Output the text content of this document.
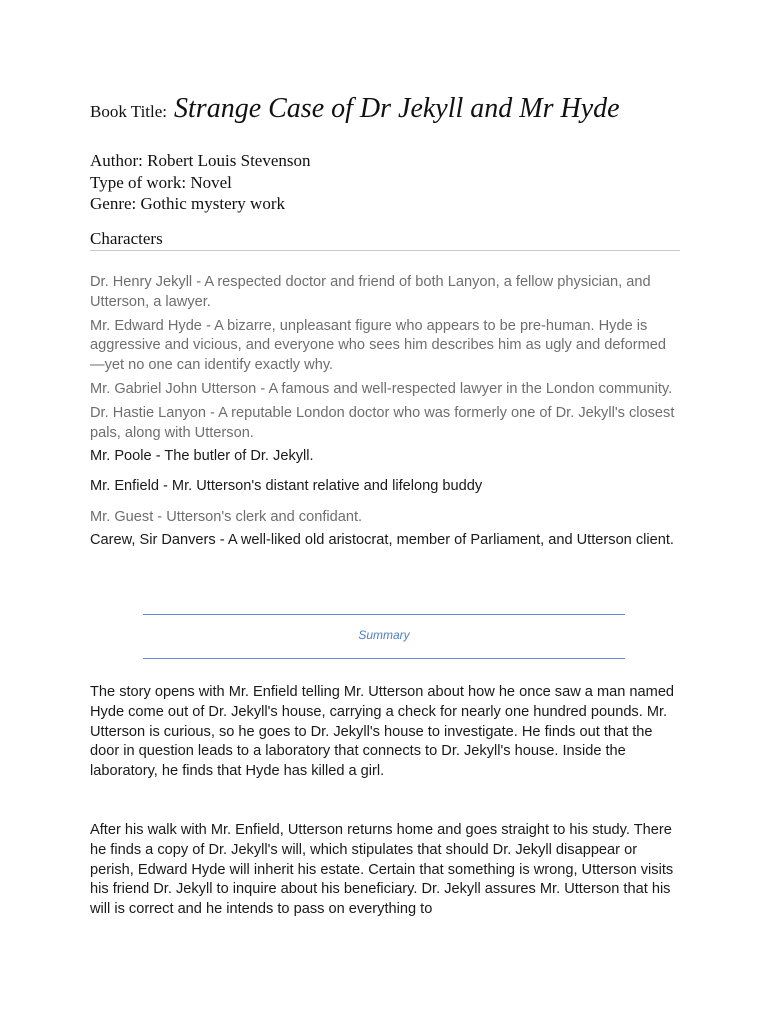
Book Title: Strange Case of Dr Jekyll and Mr Hyde
Author: Robert Louis Stevenson
Type of work: Novel
Genre: Gothic mystery work
Characters

Dr. Henry Jekyll - A respected doctor and friend of both Lanyon, a fellow physician, and Utterson, a lawyer.

Mr. Edward Hyde - A bizarre, unpleasant figure who appears to be pre-human. Hyde is aggressive and vicious, and everyone who sees him describes him as ugly and deformed—yet no one can identify exactly why.

Mr. Gabriel John Utterson - A famous and well-respected lawyer in the London community.

Dr. Hastie Lanyon - A reputable London doctor who was formerly one of Dr. Jekyll's closest pals, along with Utterson.

Mr. Poole - The butler of Dr. Jekyll.

Mr. Enfield - Mr. Utterson's distant relative and lifelong buddy

Mr. Guest - Utterson's clerk and confidant.

Carew, Sir Danvers - A well-liked old aristocrat, member of Parliament, and Utterson client.

Summary

The story opens with Mr. Enfield telling Mr. Utterson about how he once saw a man named Hyde come out of Dr. Jekyll's house, carrying a check for nearly one hundred pounds. Mr. Utterson is curious, so he goes to Dr. Jekyll's house to investigate. He finds out that the door in question leads to a laboratory that connects to Dr. Jekyll's house. Inside the laboratory, he finds that Hyde has killed a girl.

After his walk with Mr. Enfield, Utterson returns home and goes straight to his study. There he finds a copy of Dr. Jekyll's will, which stipulates that should Dr. Jekyll disappear or perish, Edward Hyde will inherit his estate. Certain that something is wrong, Utterson visits his friend Dr. Jekyll to inquire about his beneficiary. Dr. Jekyll assures Mr. Utterson that his will is correct and he intends to pass on everything to
